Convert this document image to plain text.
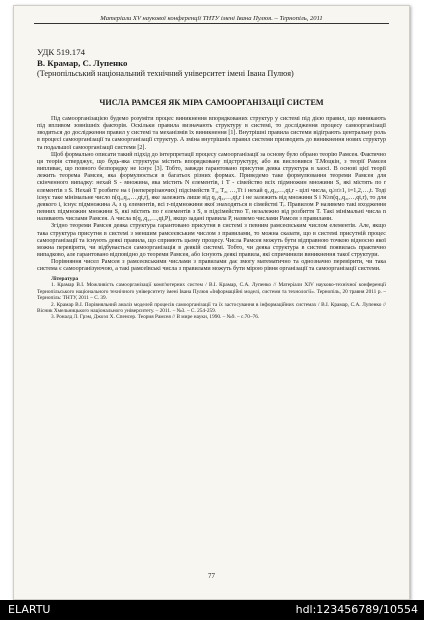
Матеріали XV наукової конференції ТНТУ імені Івана Пулюя. – Тернопіль, 2011
УДК 519.174
В. Крамар, С. Лупенко
(Тернопільський національний технічний університет імені Івана Пулюя)
ЧИСЛА РАМСЕЯ ЯК МІРА САМООРГАНІЗАЦІЇ СИСТЕМ

Під самоорганізацією будемо розуміти процес виникнення впорядкованих структур у системі під дією правил, що виникають під впливом зовнішніх факторів. Оскільки правила визначають структуру в системі, то дослідження процесу самоорганізації зводиться до дослідження правил у системі та механізмів їх виникнення [1]. Внутрішні правила системи відіграють центральну роль в процесі самоорганізації та самоорганізації структур. А зміна внутрішніх правил системи призводить до виникнення нових структур та подальшої самоорганізації системи [2].

Щоб формально описати такий підхід до інтерпретації процесу самоорганізації за основу було обрано теорію Рамсея. Фактично ця теорія стверджує, що будь-яка структура містить впорядковану підструктуру, або як висловився Т.Моцкін, з теорії Рамсея випливає, що повного безпорядку не існує [3]. Тобто, завжди гарантовано присутня деяка структура в хаосі. В основі цієї теорії лежить теорема Рамсея, яка формулюється в багатьох різних формах. Приведемо таке формулювання теореми Рамсея для скінченного випадку: нехай S - множина, яка містить N елементів, і Т - сімейство всіх підмножин множини S, які містять по r елементів з S. Нехай Т розбите на t (неперерізаючих) підсімейств T₁, T₂, …,Tt і нехай q₁,q₂,…,qt,r - цілі числа, qᵢ≥r≥1, i=1,2,…,t. Тоді існує таке мінімальне число n(q₁,q₂,…,qt,r), яке залежить лише від q₁,q₂,…,qt,r і не залежить від множини S і N≥n(q₁,q₂,…,qt,r), то для деякого i, існує підмножина Aᵢ з qᵢ елементів, всі r-підмножини якої знаходяться в сімействі Tᵢ. Правилом Р називемо такі входження певних підмножин множини S, які містять по r елементів з S, в підсімейство Tᵢ незалежно від розбиття Т. Такі мінімальні числа n називають числами Рамсея. А числа n(q₁,q₂,…,qt,P), якщо задані правила Р, назвемо числами Рамсея з правилами.

Згідно теореми Рамсея деяка структура гарантовано присутня в системі з певним рамсеєвським числом елементів. Але, якщо така структура присутня в системі з меншим рамсеєвським числом з правилами, то можна сказати, що в системі присутній процес самоорганізації та існують деякі правила, що сприяють цьому процесу. Числа Рамсея можуть бути відправною точкою відносно якої можна перевіряти, чи відбувається самоорганізація в деякій системі. Тобто, чи деяка структура в системі появилась практично випадково, але гарантовано відповідно до теореми Рамсея, або існують деякі правила, які спричинили виникнення такої структури.

Порівняння чисел Рамсея з рамсеєвськими числами з правилами дає змогу математично та однозначно перевірити, чи така система є самоорганізуючою, а такі рамсеївські числа з правилами можуть бути мірою рівня організації та самоорганізації системи.

Література

1. Крамар В.І. Можливість самоорганізації комп'ютерних систем / В.І. Крамар, С.А. Лупенко // Матеріали ХIV науково-технічної конференції Тернопільського національного технічного університету імені Івана Пулюя «Інформаційні моделі, системи та технології». Тернопіль, 20 травня 2011 р. – Тернопіль: ТНТУ, 2011 – С. 39.

2. Крамар В.І. Порівняльний аналіз моделей процесів самоорганізації та їх застосування в інформаційних системах / В.І. Крамар, С.А. Лупенко // Вісник Хмельницького національного університету. – 2011. – №3. – С. 254-259.

3. Роналд Л. Грэм, Джоэл Х. Спенсер. Теория Рамсея // В мире науки, 1990. – №9. – с.70–76.

77
ELARTU	hdl:123456789/10554
